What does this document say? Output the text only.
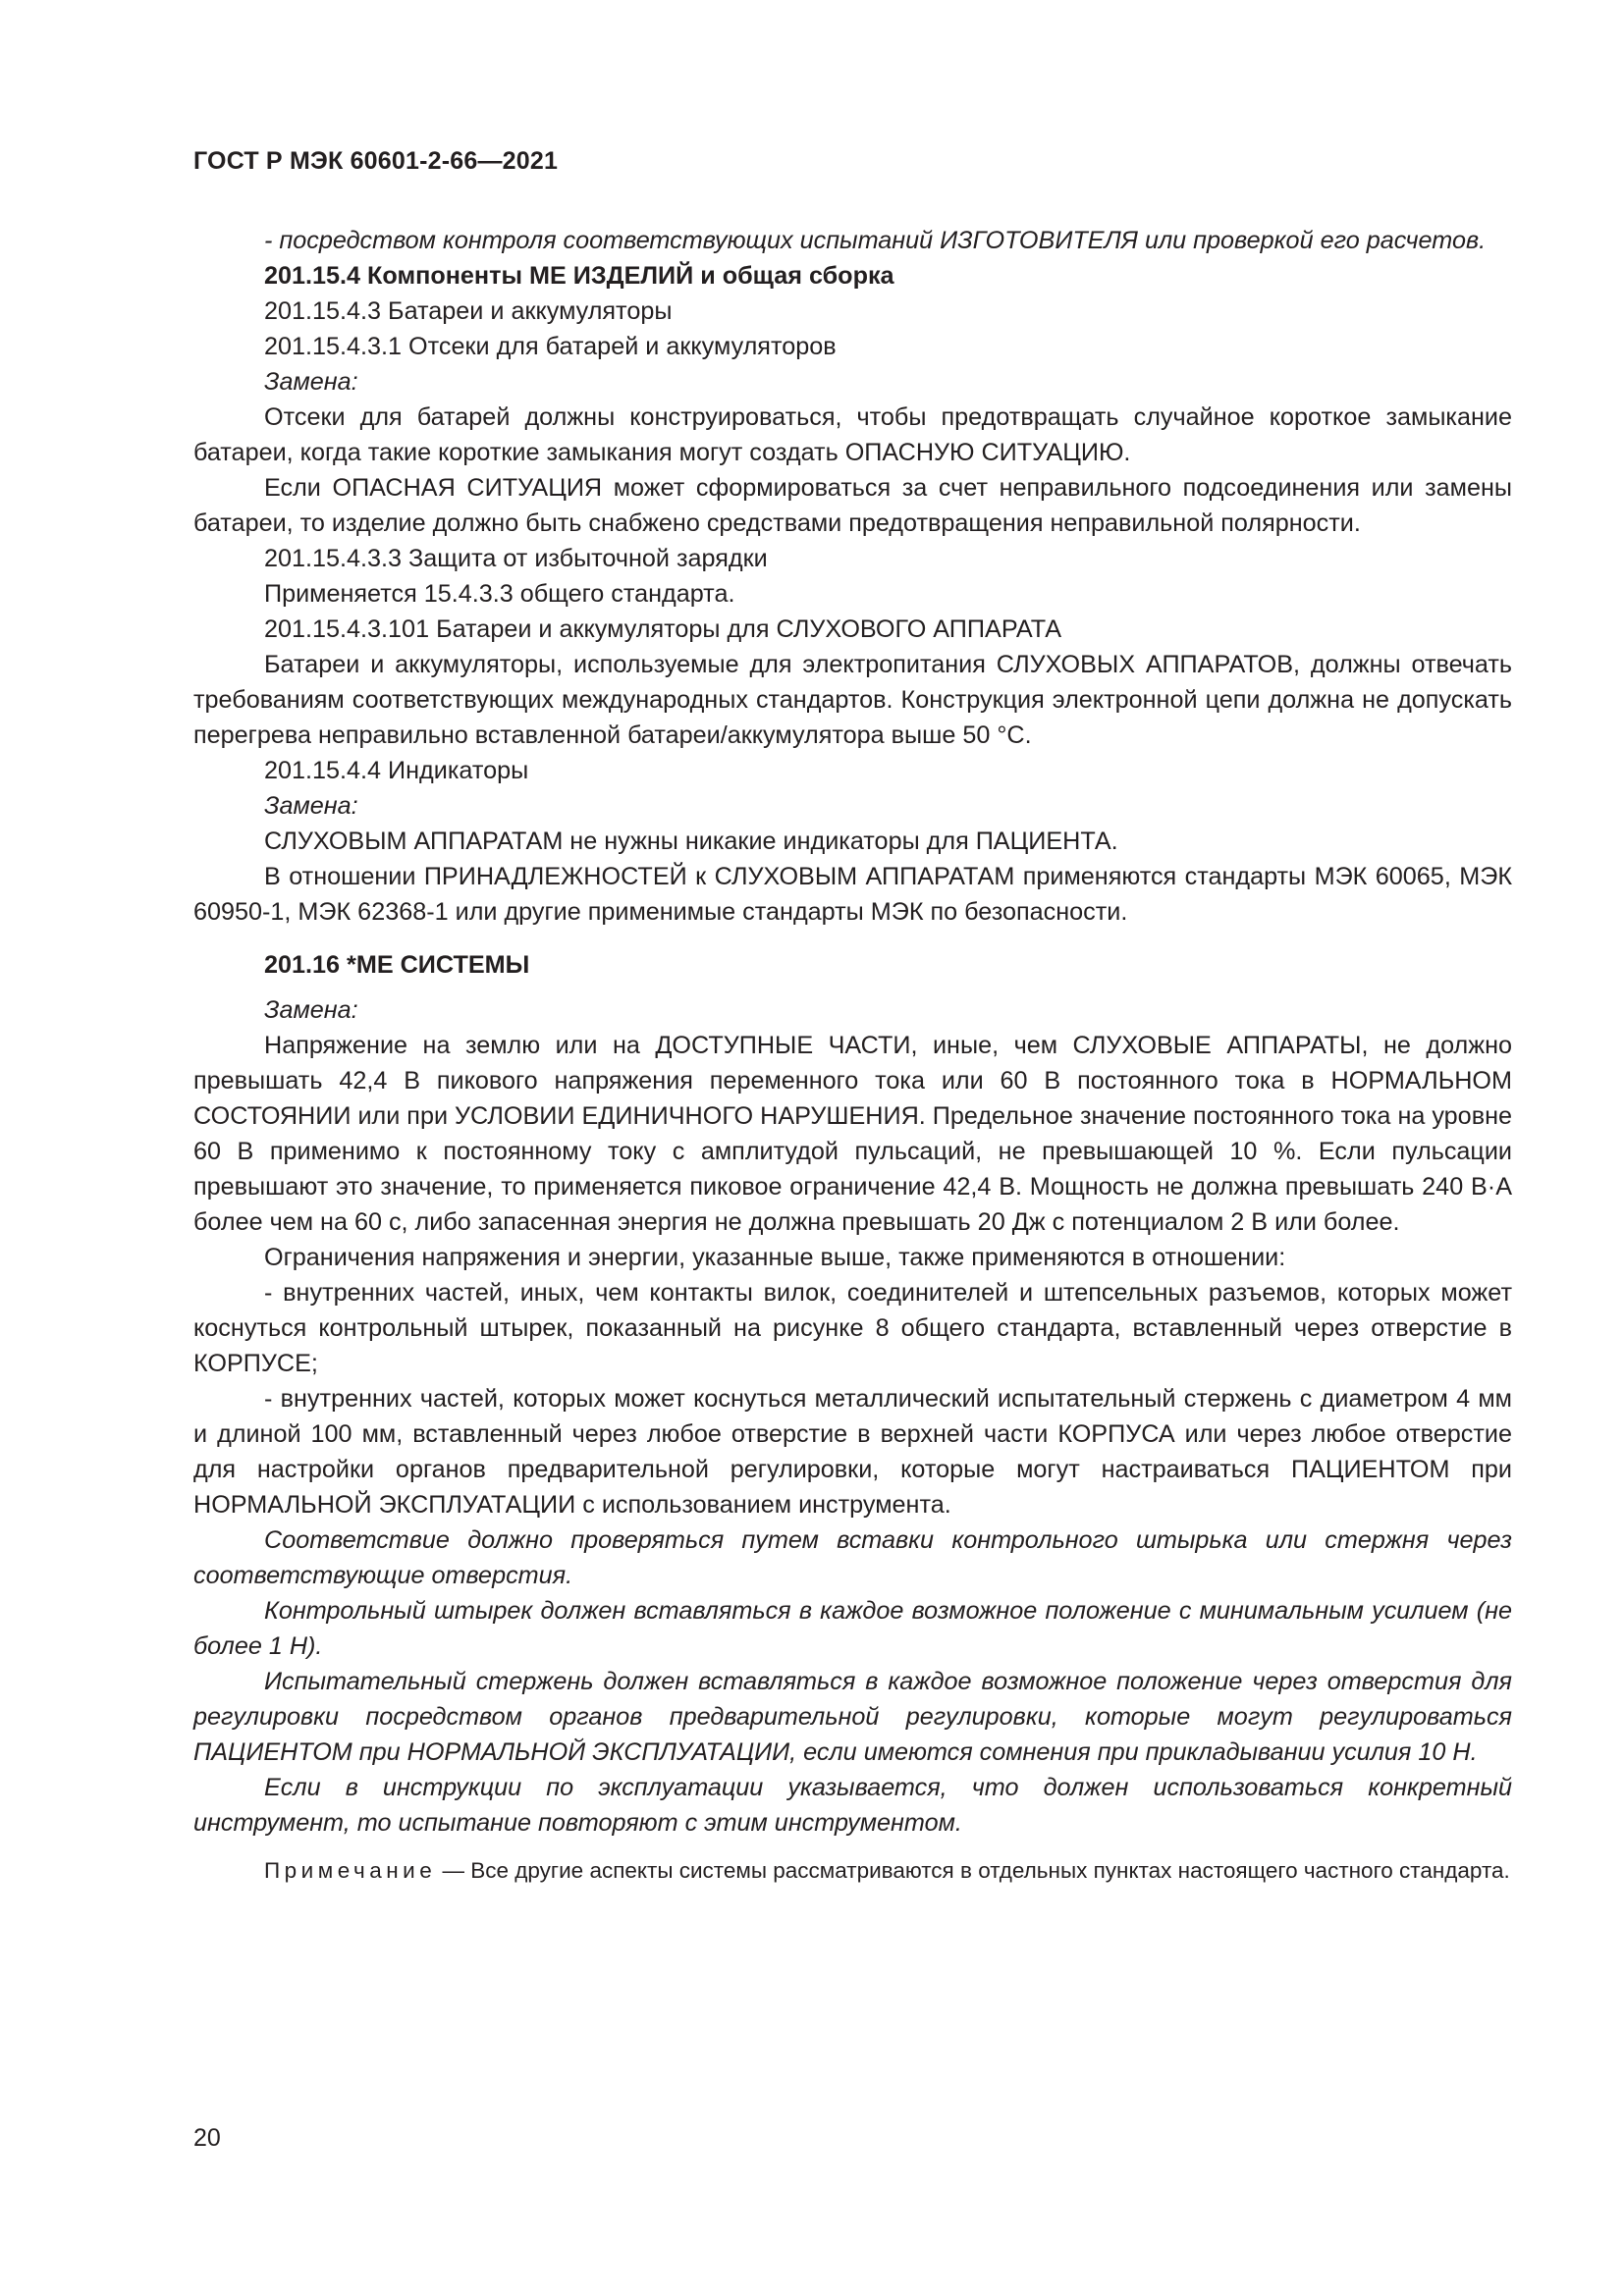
ГОСТ Р МЭК 60601-2-66—2021

- посредством контроля соответствующих испытаний ИЗГОТОВИТЕЛЯ или проверкой его расчетов.

201.15.4 Компоненты МЕ ИЗДЕЛИЙ и общая сборка

201.15.4.3 Батареи и аккумуляторы

201.15.4.3.1 Отсеки для батарей и аккумуляторов

Замена:

Отсеки для батарей должны конструироваться, чтобы предотвращать случайное короткое замыкание батареи, когда такие короткие замыкания могут создать ОПАСНУЮ СИТУАЦИЮ.

Если ОПАСНАЯ СИТУАЦИЯ может сформироваться за счет неправильного подсоединения или замены батареи, то изделие должно быть снабжено средствами предотвращения неправильной полярности.

201.15.4.3.3 Защита от избыточной зарядки

Применяется 15.4.3.3 общего стандарта.

201.15.4.3.101 Батареи и аккумуляторы для СЛУХОВОГО АППАРАТА

Батареи и аккумуляторы, используемые для электропитания СЛУХОВЫХ АППАРАТОВ, должны отвечать требованиям соответствующих международных стандартов. Конструкция электронной цепи должна не допускать перегрева неправильно вставленной батареи/аккумулятора выше 50 °С.

201.15.4.4 Индикаторы

Замена:

СЛУХОВЫМ АППАРАТАМ не нужны никакие индикаторы для ПАЦИЕНТА.

В отношении ПРИНАДЛЕЖНОСТЕЙ к СЛУХОВЫМ АППАРАТАМ применяются стандарты МЭК 60065, МЭК 60950-1, МЭК 62368-1 или другие применимые стандарты МЭК по безопасности.

201.16 *МЕ СИСТЕМЫ

Замена:

Напряжение на землю или на ДОСТУПНЫЕ ЧАСТИ, иные, чем СЛУХОВЫЕ АППАРАТЫ, не должно превышать 42,4 В пикового напряжения переменного тока или 60 В постоянного тока в НОРМАЛЬНОМ СОСТОЯНИИ или при УСЛОВИИ ЕДИНИЧНОГО НАРУШЕНИЯ. Предельное значение постоянного тока на уровне 60 В применимо к постоянному току с амплитудой пульсаций, не превышающей 10 %. Если пульсации превышают это значение, то применяется пиковое ограничение 42,4 В. Мощность не должна превышать 240 В·А более чем на 60 с, либо запасенная энергия не должна превышать 20 Дж с потенциалом 2 В или более.

Ограничения напряжения и энергии, указанные выше, также применяются в отношении:

- внутренних частей, иных, чем контакты вилок, соединителей и штепсельных разъемов, которых может коснуться контрольный штырек, показанный на рисунке 8 общего стандарта, вставленный через отверстие в КОРПУСЕ;

- внутренних частей, которых может коснуться металлический испытательный стержень с диаметром 4 мм и длиной 100 мм, вставленный через любое отверстие в верхней части КОРПУСА или через любое отверстие для настройки органов предварительной регулировки, которые могут настраиваться ПАЦИЕНТОМ при НОРМАЛЬНОЙ ЭКСПЛУАТАЦИИ с использованием инструмента.

Соответствие должно проверяться путем вставки контрольного штырька или стержня через соответствующие отверстия.

Контрольный штырек должен вставляться в каждое возможное положение с минимальным усилием (не более 1 Н).

Испытательный стержень должен вставляться в каждое возможное положение через отверстия для регулировки посредством органов предварительной регулировки, которые могут регулироваться ПАЦИЕНТОМ при НОРМАЛЬНОЙ ЭКСПЛУАТАЦИИ, если имеются сомнения при прикладывании усилия 10 Н.

Если в инструкции по эксплуатации указывается, что должен использоваться конкретный инструмент, то испытание повторяют с этим инструментом.

Примечание — Все другие аспекты системы рассматриваются в отдельных пунктах настоящего частного стандарта.

20
